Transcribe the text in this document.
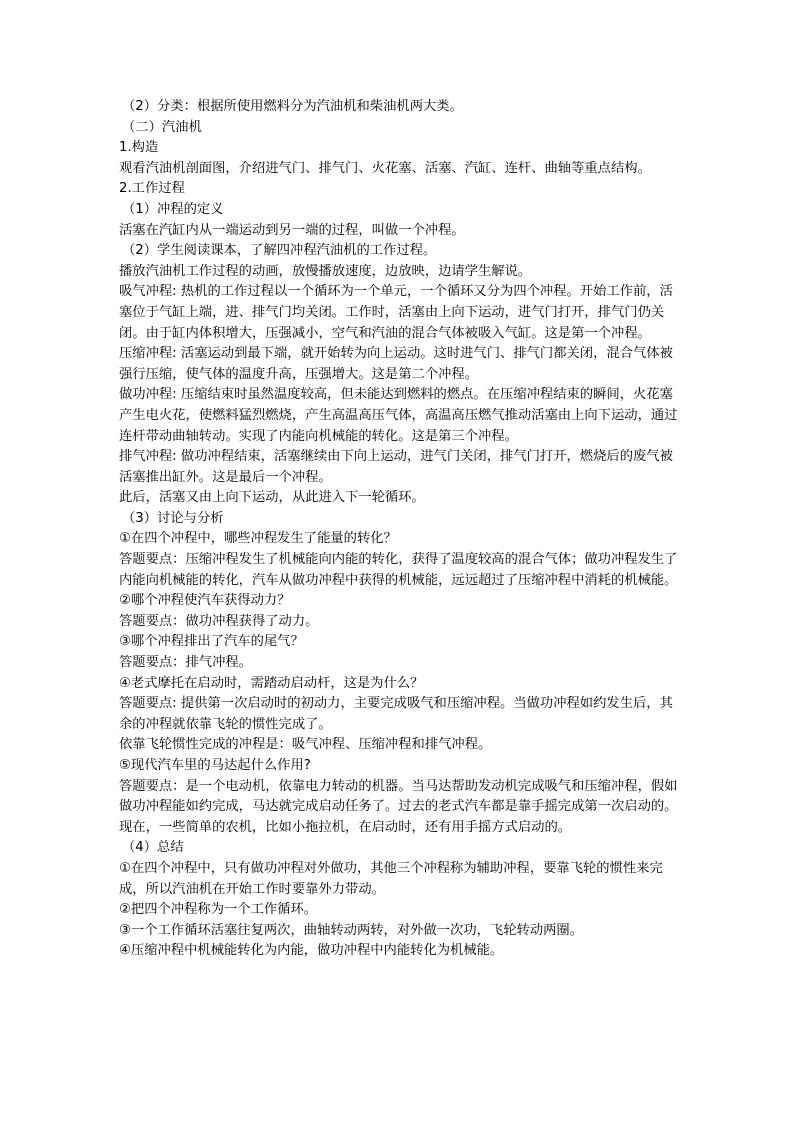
（2）分类：根据所使用燃料分为汽油机和柴油机两大类。

（二）汽油机

1.构造

观看汽油机剖面图，介绍进气门、排气门、火花塞、活塞、汽缸、连杆、曲轴等重点结构。

2.工作过程

（1）冲程的定义

活塞在汽缸内从一端运动到另一端的过程，叫做一个冲程。

（2）学生阅读课本，了解四冲程汽油机的工作过程。

播放汽油机工作过程的动画，放慢播放速度，边放映，边请学生解说。

吸气冲程: 热机的工作过程以一个循环为一个单元，一个循环又分为四个冲程。开始工作前，活塞位于气缸上端，进、排气门均关闭。工作时，活塞由上向下运动，进气门打开，排气门仍关闭。由于缸内体积增大，压强减小，空气和汽油的混合气体被吸入气缸。这是第一个冲程。

压缩冲程: 活塞运动到最下端，就开始转为向上运动。这时进气门、排气门都关闭，混合气体被强行压缩，使气体的温度升高，压强增大。这是第二个冲程。

做功冲程: 压缩结束时虽然温度较高，但未能达到燃料的燃点。在压缩冲程结束的瞬间，火花塞产生电火花，使燃料猛烈燃烧，产生高温高压气体，高温高压燃气推动活塞由上向下运动，通过连杆带动曲轴转动。实现了内能向机械能的转化。这是第三个冲程。

排气冲程: 做功冲程结束，活塞继续由下向上运动，进气门关闭，排气门打开，燃烧后的废气被活塞推出缸外。这是最后一个冲程。

此后，活塞又由上向下运动，从此进入下一轮循环。

（3）讨论与分析

①在四个冲程中，哪些冲程发生了能量的转化？

答题要点：压缩冲程发生了机械能向内能的转化，获得了温度较高的混合气体；做功冲程发生了内能向机械能的转化，汽车从做功冲程中获得的机械能，远远超过了压缩冲程中消耗的机械能。

②哪个冲程使汽车获得动力？

答题要点：做功冲程获得了动力。

③哪个冲程排出了汽车的尾气？

答题要点：排气冲程。

④老式摩托在启动时，需踏动启动杆，这是为什么？

答题要点: 提供第一次启动时的初动力，主要完成吸气和压缩冲程。当做功冲程如约发生后，其余的冲程就依靠飞轮的惯性完成了。

依靠飞轮惯性完成的冲程是：吸气冲程、压缩冲程和排气冲程。

⑤现代汽车里的马达起什么作用?

答题要点：是一个电动机，依靠电力转动的机器。当马达帮助发动机完成吸气和压缩冲程，假如做功冲程能如约完成，马达就完成启动任务了。过去的老式汽车都是靠手摇完成第一次启动的。现在，一些简单的农机，比如小拖拉机，在启动时，还有用手摇方式启动的。

（4）总结

①在四个冲程中，只有做功冲程对外做功，其他三个冲程称为辅助冲程，要靠飞轮的惯性来完成，所以汽油机在开始工作时要靠外力带动。

②把四个冲程称为一个工作循环。

③一个工作循环活塞往复两次，曲轴转动两转，对外做一次功，飞轮转动两圈。

④压缩冲程中机械能转化为内能，做功冲程中内能转化为机械能。
